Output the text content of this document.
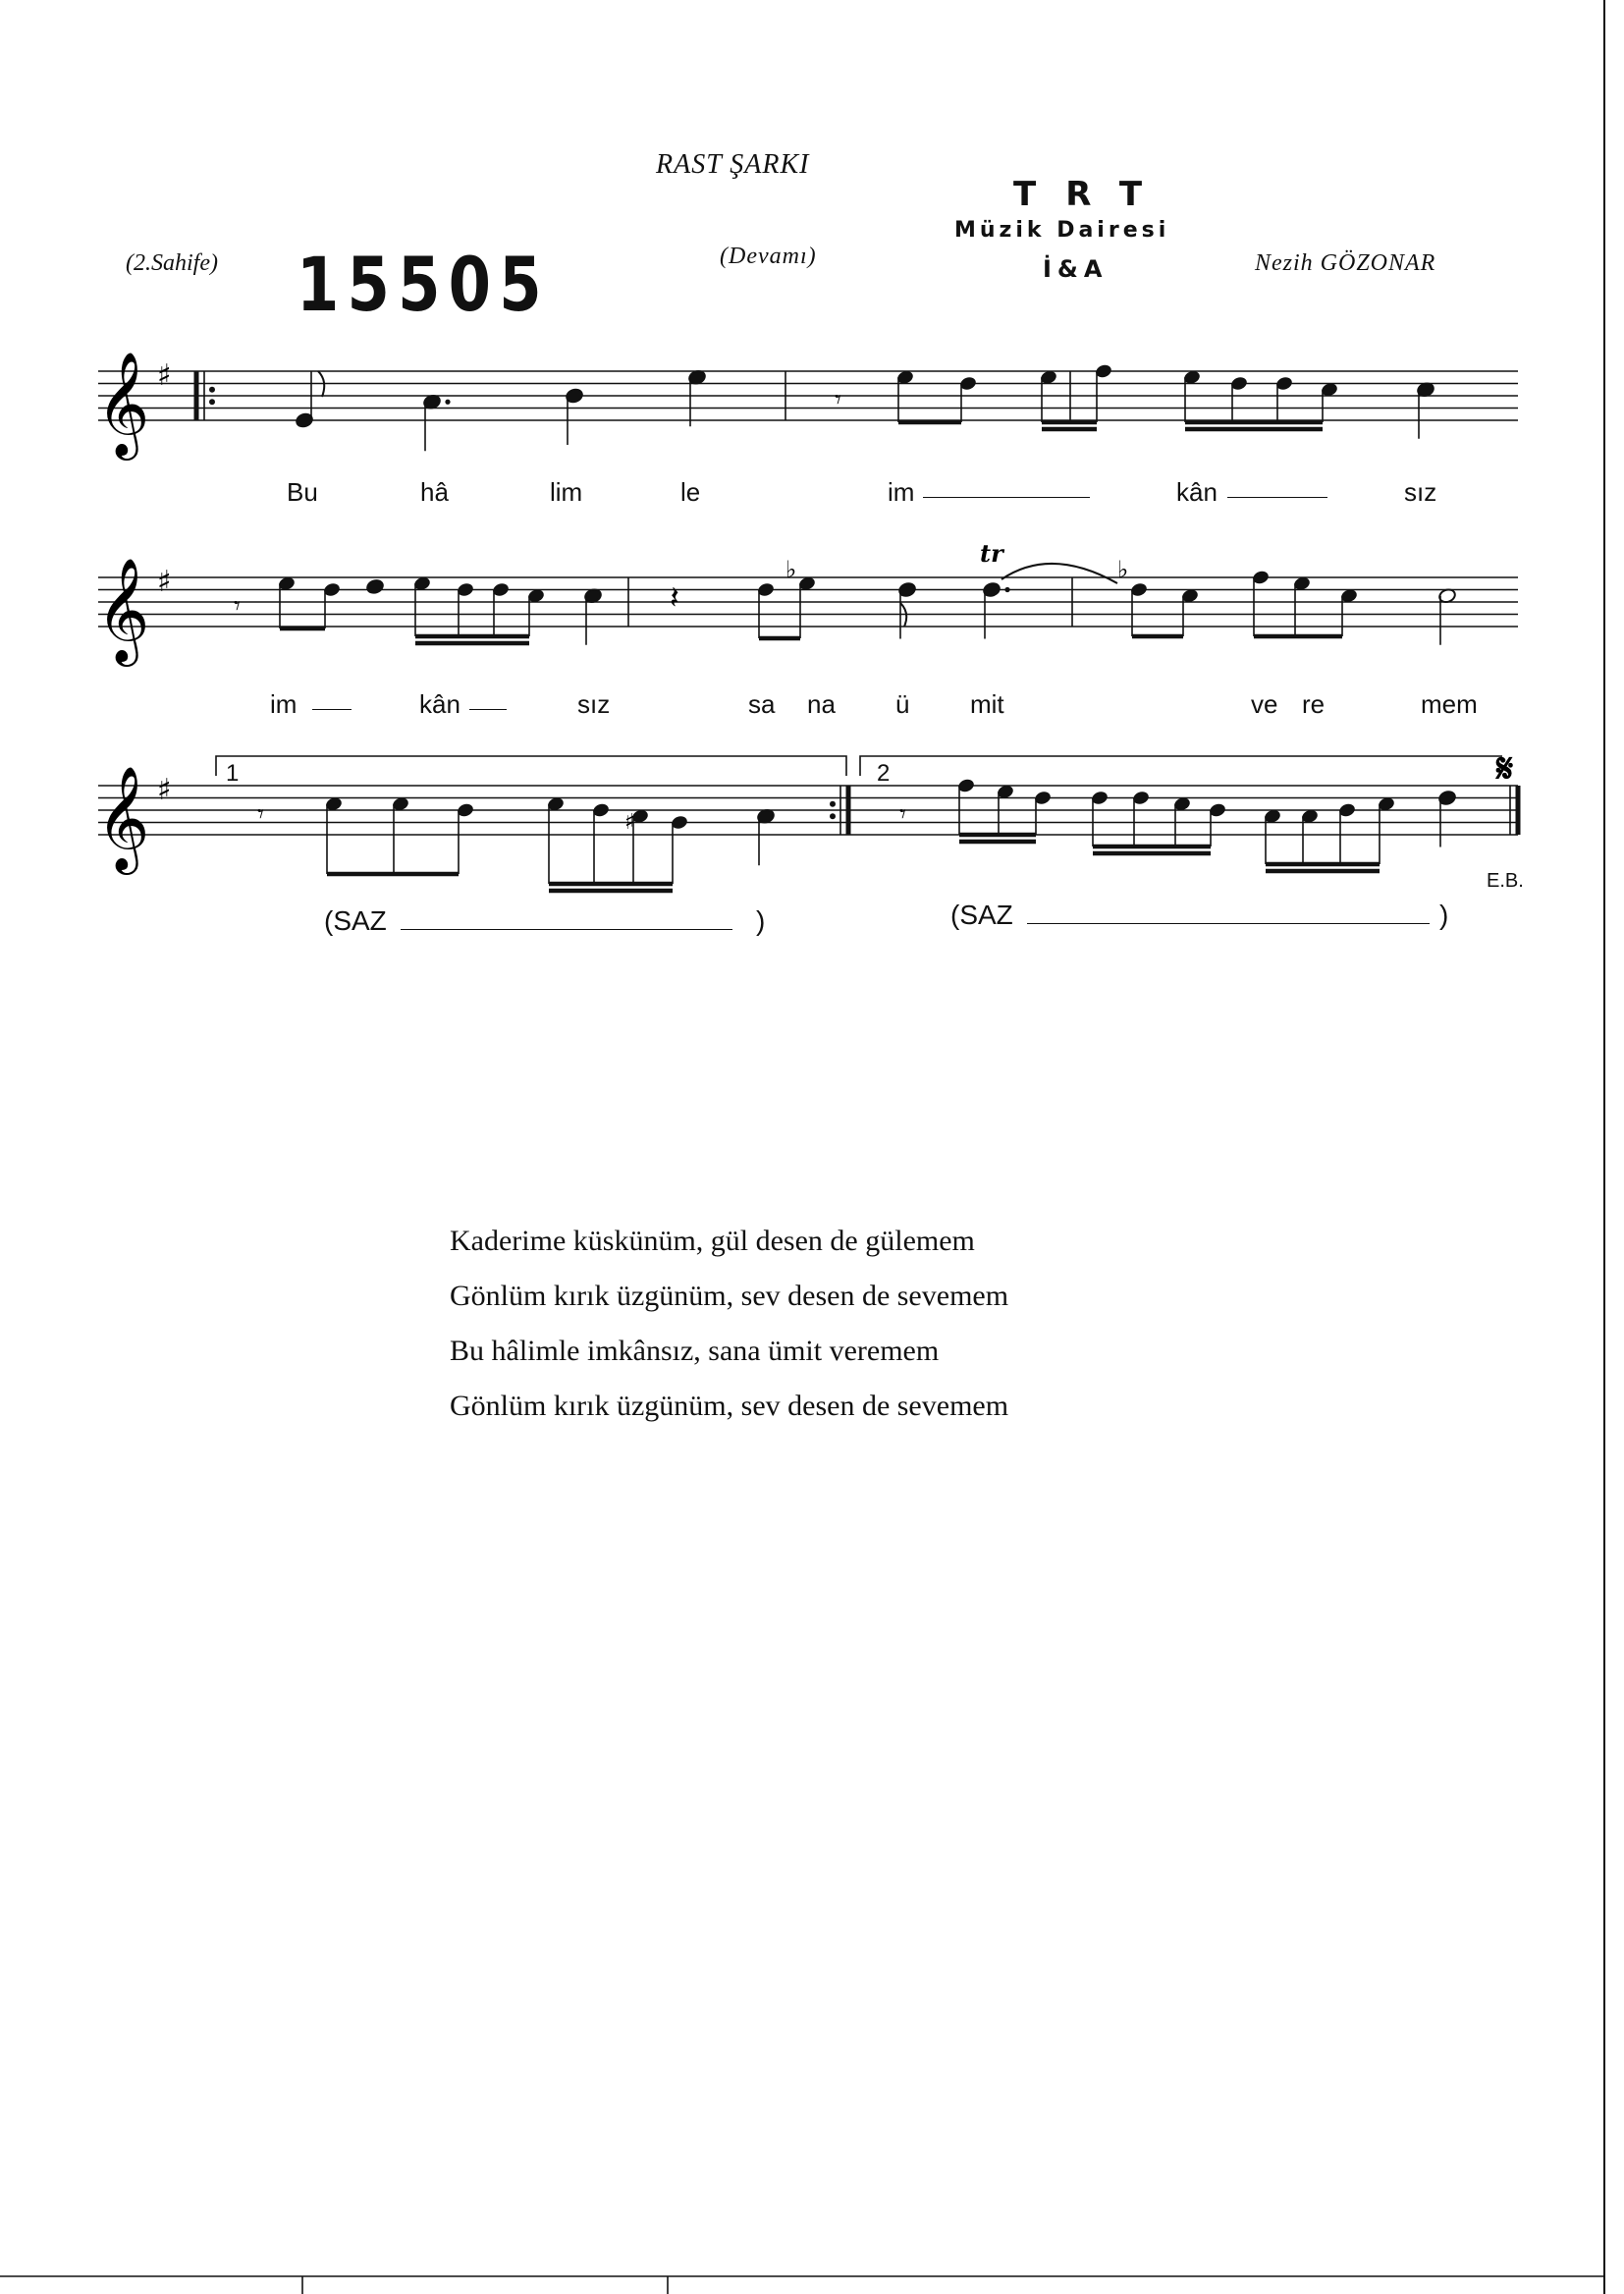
RAST ŞARKI
(2.Sahife) 15505	(Devamı)	Nezih GÖZONAR
TRT
Müzik Dairesi
İ&A
𝄞 ♯
𝄞 ♯
𝄞 ♯
𝄾
𝄾	𝄽
♭
tr
♭
𝄾	♯	𝄾
𝄋
Bu	hâ	lim	le	im	kân	sız
im	kân	sız	sa na ü mit	ve re	mem
1	2
(SAZ	)	(SAZ	)
E.B.
Kaderime küskünüm, gül desen de gülemem
Gönlüm kırık üzgünüm, sev desen de sevemem
Bu hâlimle imkânsız, sana ümit veremem
Gönlüm kırık üzgünüm, sev desen de sevemem
